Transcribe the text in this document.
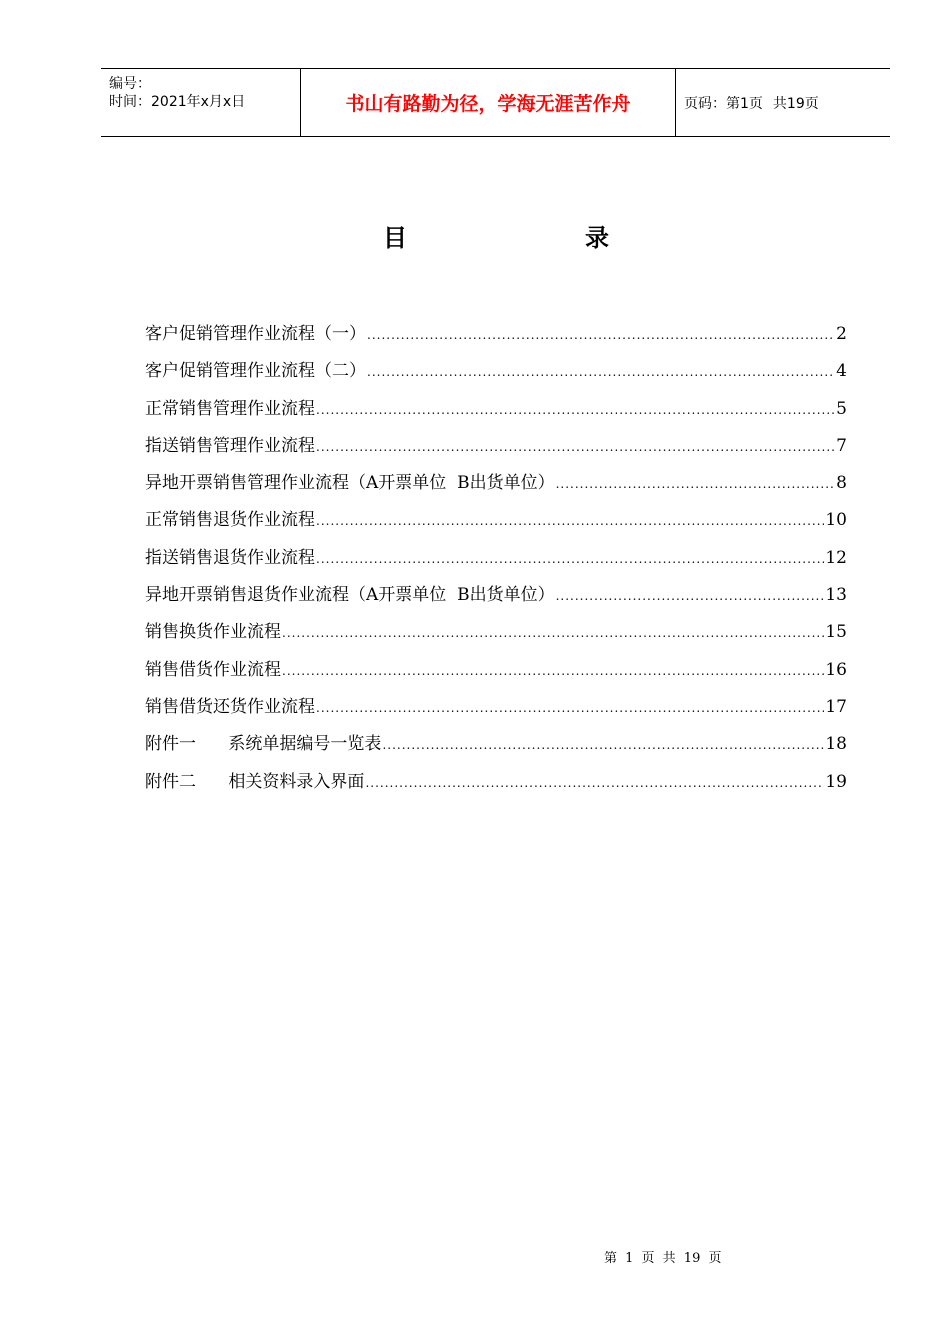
编号：
时间：2021年x月x日	书山有路勤为径，学海无涯苦作舟	页码：第1页 共19页
目	录
客户促销管理作业流程（一） .....	2
客户促销管理作业流程（二） .....	4
正常销售管理作业流程 .....	5
指送销售管理作业流程 .....	7
异地开票销售管理作业流程（A开票单位  B出货单位） .....	8
正常销售退货作业流程 .....	10
指送销售退货作业流程 .....	12
异地开票销售退货作业流程（A开票单位  B出货单位） .....	13
销售换货作业流程 .....	15
销售借货作业流程 .....	16
销售借货还货作业流程 .....	17
附件一      系统单据编号一览表 .....	18
附件二      相关资料录入界面 .....	19
第 1 页 共 19 页
